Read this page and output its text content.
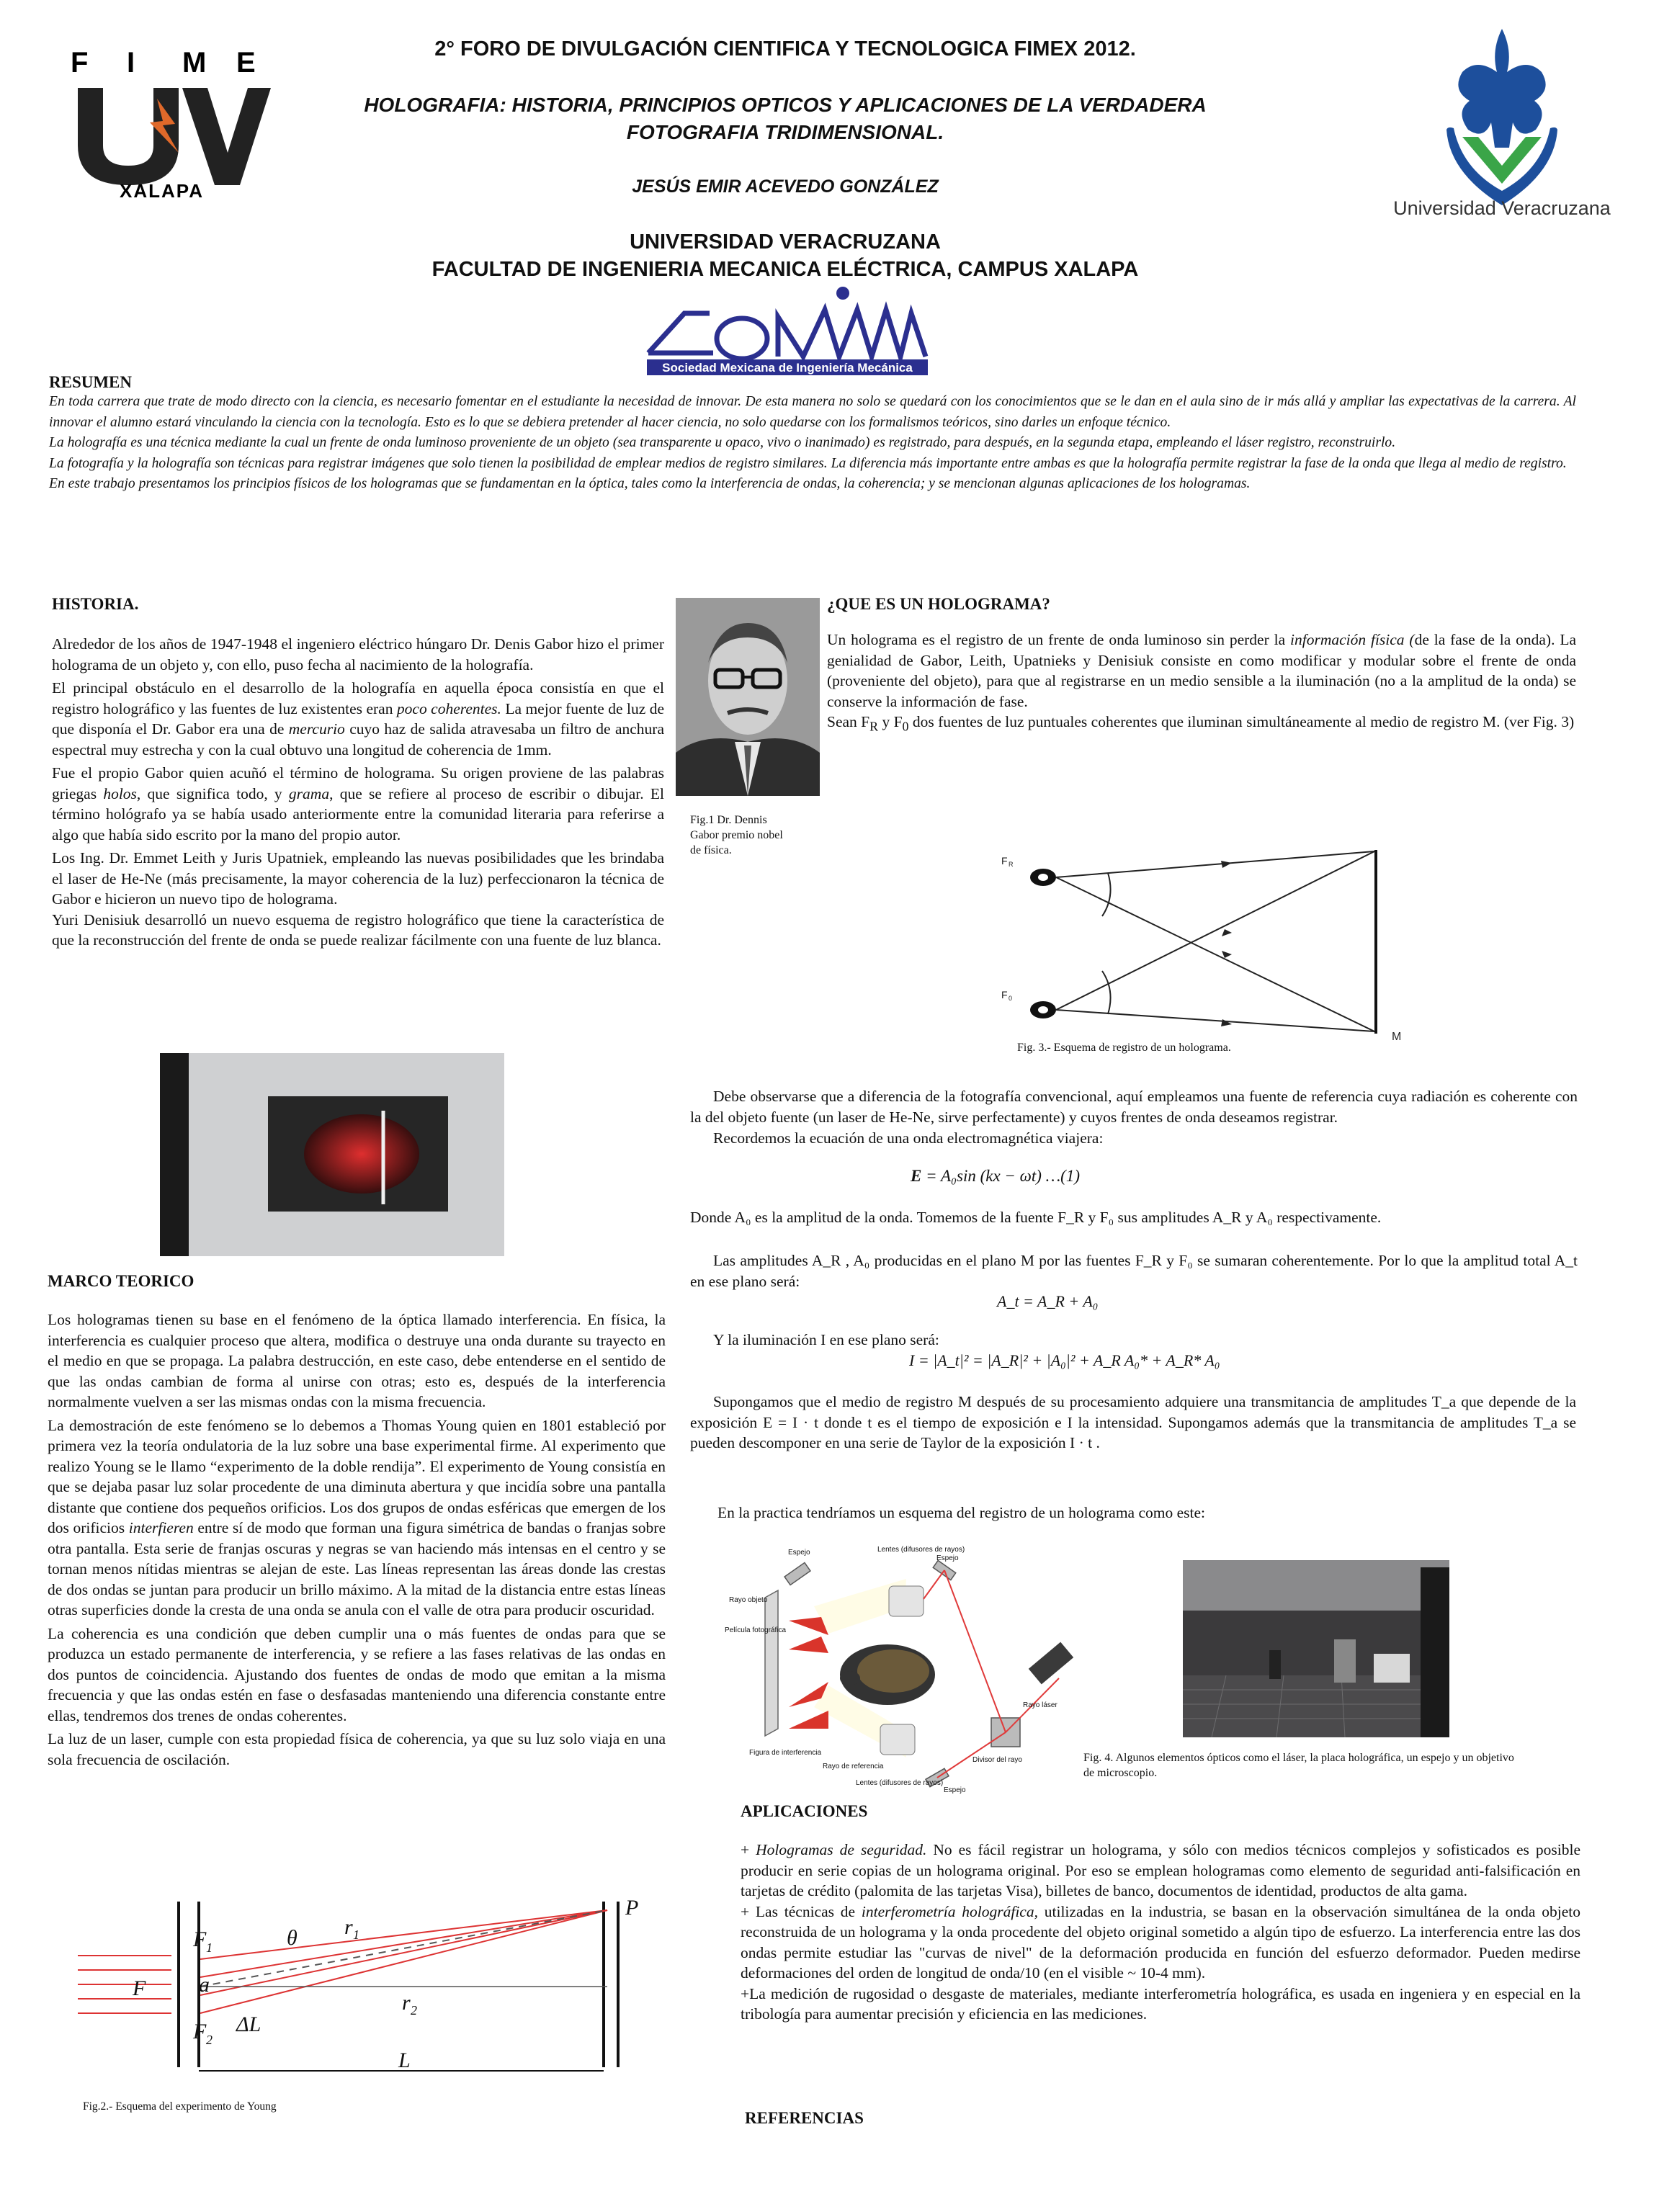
F I M E
XALAPA
2° FORO DE DIVULGACIÓN CIENTIFICA Y TECNOLOGICA FIMEX 2012.
HOLOGRAFIA: HISTORIA, PRINCIPIOS OPTICOS Y APLICACIONES DE LA VERDADERA
FOTOGRAFIA TRIDIMENSIONAL.
JESÚS EMIR ACEVEDO GONZÁLEZ
UNIVERSIDAD VERACRUZANA
FACULTAD DE INGENIERIA MECANICA ELÉCTRICA, CAMPUS XALAPA
Sociedad Mexicana de Ingeniería Mecánica
Universidad Veracruzana
RESUMEN

En toda carrera que trate de modo directo con la ciencia, es necesario fomentar en el estudiante la necesidad de innovar. De esta manera no solo se quedará con los conocimientos que se le dan en el aula sino de ir más allá y ampliar las expectativas de la carrera. Al innovar el alumno estará vinculando la ciencia con la tecnología. Esto es lo que se debiera pretender al hacer ciencia, no solo quedarse con los formalismos teóricos, sino darles un enfoque técnico.

La holografía es una técnica mediante la cual un frente de onda luminoso proveniente de un objeto (sea transparente u opaco, vivo o inanimado) es registrado, para después, en la segunda etapa, empleando el láser registro, reconstruirlo.

La fotografía y la holografía son técnicas para registrar imágenes que solo tienen la posibilidad de emplear medios de registro similares. La diferencia más importante entre ambas es que la holografía permite registrar la fase de la onda que llega al medio de registro.

En este trabajo presentamos los principios físicos de los hologramas que se fundamentan en la óptica, tales como la interferencia de ondas, la coherencia; y se mencionan algunas aplicaciones de los hologramas.

HISTORIA.

Alrededor de los años de 1947-1948 el ingeniero eléctrico húngaro Dr. Denis Gabor hizo el primer holograma de un objeto y, con ello, puso fecha al nacimiento de la holografía.

El principal obstáculo en el desarrollo de la holografía en aquella época consistía en que el registro holográfico y las fuentes de luz existentes eran poco coherentes. La mejor fuente de luz de que disponía el Dr. Gabor era una de mercurio cuyo haz de salida atravesaba un filtro de anchura espectral muy estrecha y con la cual obtuvo una longitud de coherencia de 1mm.

Fue el propio Gabor quien acuñó el término de holograma. Su origen proviene de las palabras griegas holos, que significa todo, y grama, que se refiere al proceso de escribir o dibujar. El término hológrafo ya se había usado anteriormente entre la comunidad literaria para referirse a algo que había sido escrito por la mano del propio autor.

Los Ing. Dr. Emmet Leith y Juris Upatniek, empleando las nuevas posibilidades que les brindaba el laser de He-Ne (más precisamente, la mayor coherencia de la luz) perfeccionaron la técnica de Gabor e hicieron un nuevo tipo de holograma.

Yuri Denisiuk desarrolló un nuevo esquema de registro holográfico que tiene la característica de que la reconstrucción del frente de onda se puede realizar fácilmente con una fuente de luz blanca.

Fig.1 Dr. Dennis Gabor premio nobel de física.
MARCO TEORICO

Los hologramas tienen su base en el fenómeno de la óptica llamado interferencia. En física, la interferencia es cualquier proceso que altera, modifica o destruye una onda durante su trayecto en el medio en que se propaga. La palabra destrucción, en este caso, debe entenderse en el sentido de que las ondas cambian de forma al unirse con otras; esto es, después de la interferencia normalmente vuelven a ser las mismas ondas con la misma frecuencia.

La demostración de este fenómeno se lo debemos a Thomas Young quien en 1801 estableció por primera vez la teoría ondulatoria de la luz sobre una base experimental firme. Al experimento que realizo Young se le llamo “experimento de la doble rendija”. El experimento de Young consistía en que se dejaba pasar luz solar procedente de una diminuta abertura y que incidía sobre una pantalla distante que contiene dos pequeños orificios. Los dos grupos de ondas esféricas que emergen de los dos orificios interfieren entre sí de modo que forman una figura simétrica de bandas o franjas sobre otra pantalla. Esta serie de franjas oscuras y negras se van haciendo más intensas en el centro y se tornan menos nítidas mientras se alejan de este. Las líneas representan las áreas donde las crestas de dos ondas se juntan para producir un brillo máximo. A la mitad de la distancia entre estas líneas otras superficies donde la cresta de una onda se anula con el valle de otra para producir oscuridad.

La coherencia es una condición que deben cumplir una o más fuentes de ondas para que se produzca un estado permanente de interferencia, y se refiere a las fases relativas de las ondas en dos puntos de coincidencia. Ajustando dos fuentes de ondas de modo que emitan a la misma frecuencia y que las ondas estén en fase o desfasadas manteniendo una diferencia constante entre ellas, tendremos dos trenes de ondas coherentes.

La luz de un laser, cumple con esta propiedad física de coherencia, ya que su luz solo viaja en una sola frecuencia de oscilación.

F
F 1
a
F 2
θ r 1
r 2
ΔL
P
L
Fig.2.- Esquema del experimento de Young
¿QUE ES UN HOLOGRAMA?

Un holograma es el registro de un frente de onda luminoso sin perder la información física (de la fase de la onda). La genialidad de Gabor, Leith, Upatnieks y Denisiuk consiste en como modificar y modular sobre el frente de onda (proveniente del objeto), para que al registrarse en un medio sensible a la iluminación (no a la amplitud de la onda) se conserve la información de fase.

Sean $F_R$ y $F_0$ dos fuentes de luz puntuales coherentes que iluminan simultáneamente al medio de registro M. (ver Fig. 3)

F R
F 0
M
Fig. 3.- Esquema de registro de un holograma.
Debe observarse que a diferencia de la fotografía convencional, aquí empleamos una fuente de referencia cuya radiación es coherente con la del objeto fuente (un laser de He-Ne, sirve perfectamente) y cuyos frentes de onda deseamos registrar.
Recordemos la ecuación de una onda electromagnética viajera:
E = A₀sin (kx − ωt) …(1)
Donde A₀ es la amplitud de la onda. Tomemos de la fuente F_R y F₀ sus amplitudes A_R y A₀ respectivamente.
Las amplitudes A_R , A₀ producidas en el plano M por las fuentes F_R y F₀ se sumaran coherentemente. Por lo que la amplitud total A_t en ese plano será:
A_t = A_R + A₀
Y la iluminación I en ese plano será:
I = |A_t|² = |A_R|² + |A₀|² + A_R A₀* + A_R* A₀
Supongamos que el medio de registro M después de su procesamiento adquiere una transmitancia de amplitudes T_a que depende de la exposición E = I · t donde t es el tiempo de exposición e I la intensidad. Supongamos además que la transmitancia de amplitudes T_a se pueden descomponer en una serie de Taylor de la exposición I · t .
En la practica tendríamos un esquema del registro de un holograma como este:
Espejo	Lentes (difusores de rayos)
Espejo
Rayo objeto
Película fotográfica
Figura de interferencia
Rayo de referencia
Lentes (difusores de rayos)
Espejo
Divisor del rayo
Rayo láser
Fig. 4. Algunos elementos ópticos como el láser, la placa holográfica, un espejo y un objetivo de microscopio.
APLICACIONES

+ Hologramas de seguridad. No es fácil registrar un holograma, y sólo con medios técnicos complejos y sofisticados es posible producir en serie copias de un holograma original. Por eso se emplean hologramas como elemento de seguridad anti-falsificación en tarjetas de crédito (palomita de las tarjetas Visa), billetes de banco, documentos de identidad, productos de alta gama.

+ Las técnicas de interferometría holográfica, utilizadas en la industria, se basan en la observación simultánea de la onda objeto reconstruida de un holograma y la onda procedente del objeto original sometido a algún tipo de esfuerzo. La interferencia entre las dos ondas permite estudiar las "curvas de nivel" de la deformación producida en función del esfuerzo deformador. Pueden medirse deformaciones del orden de longitud de onda/10 (en el visible ~ 10-4 mm).

+La medición de rugosidad o desgaste de materiales, mediante interferometría holográfica, es usada en ingeniera y en especial en la tribología para aumentar precisión y eficiencia en las mediciones.

REFERENCIAS
